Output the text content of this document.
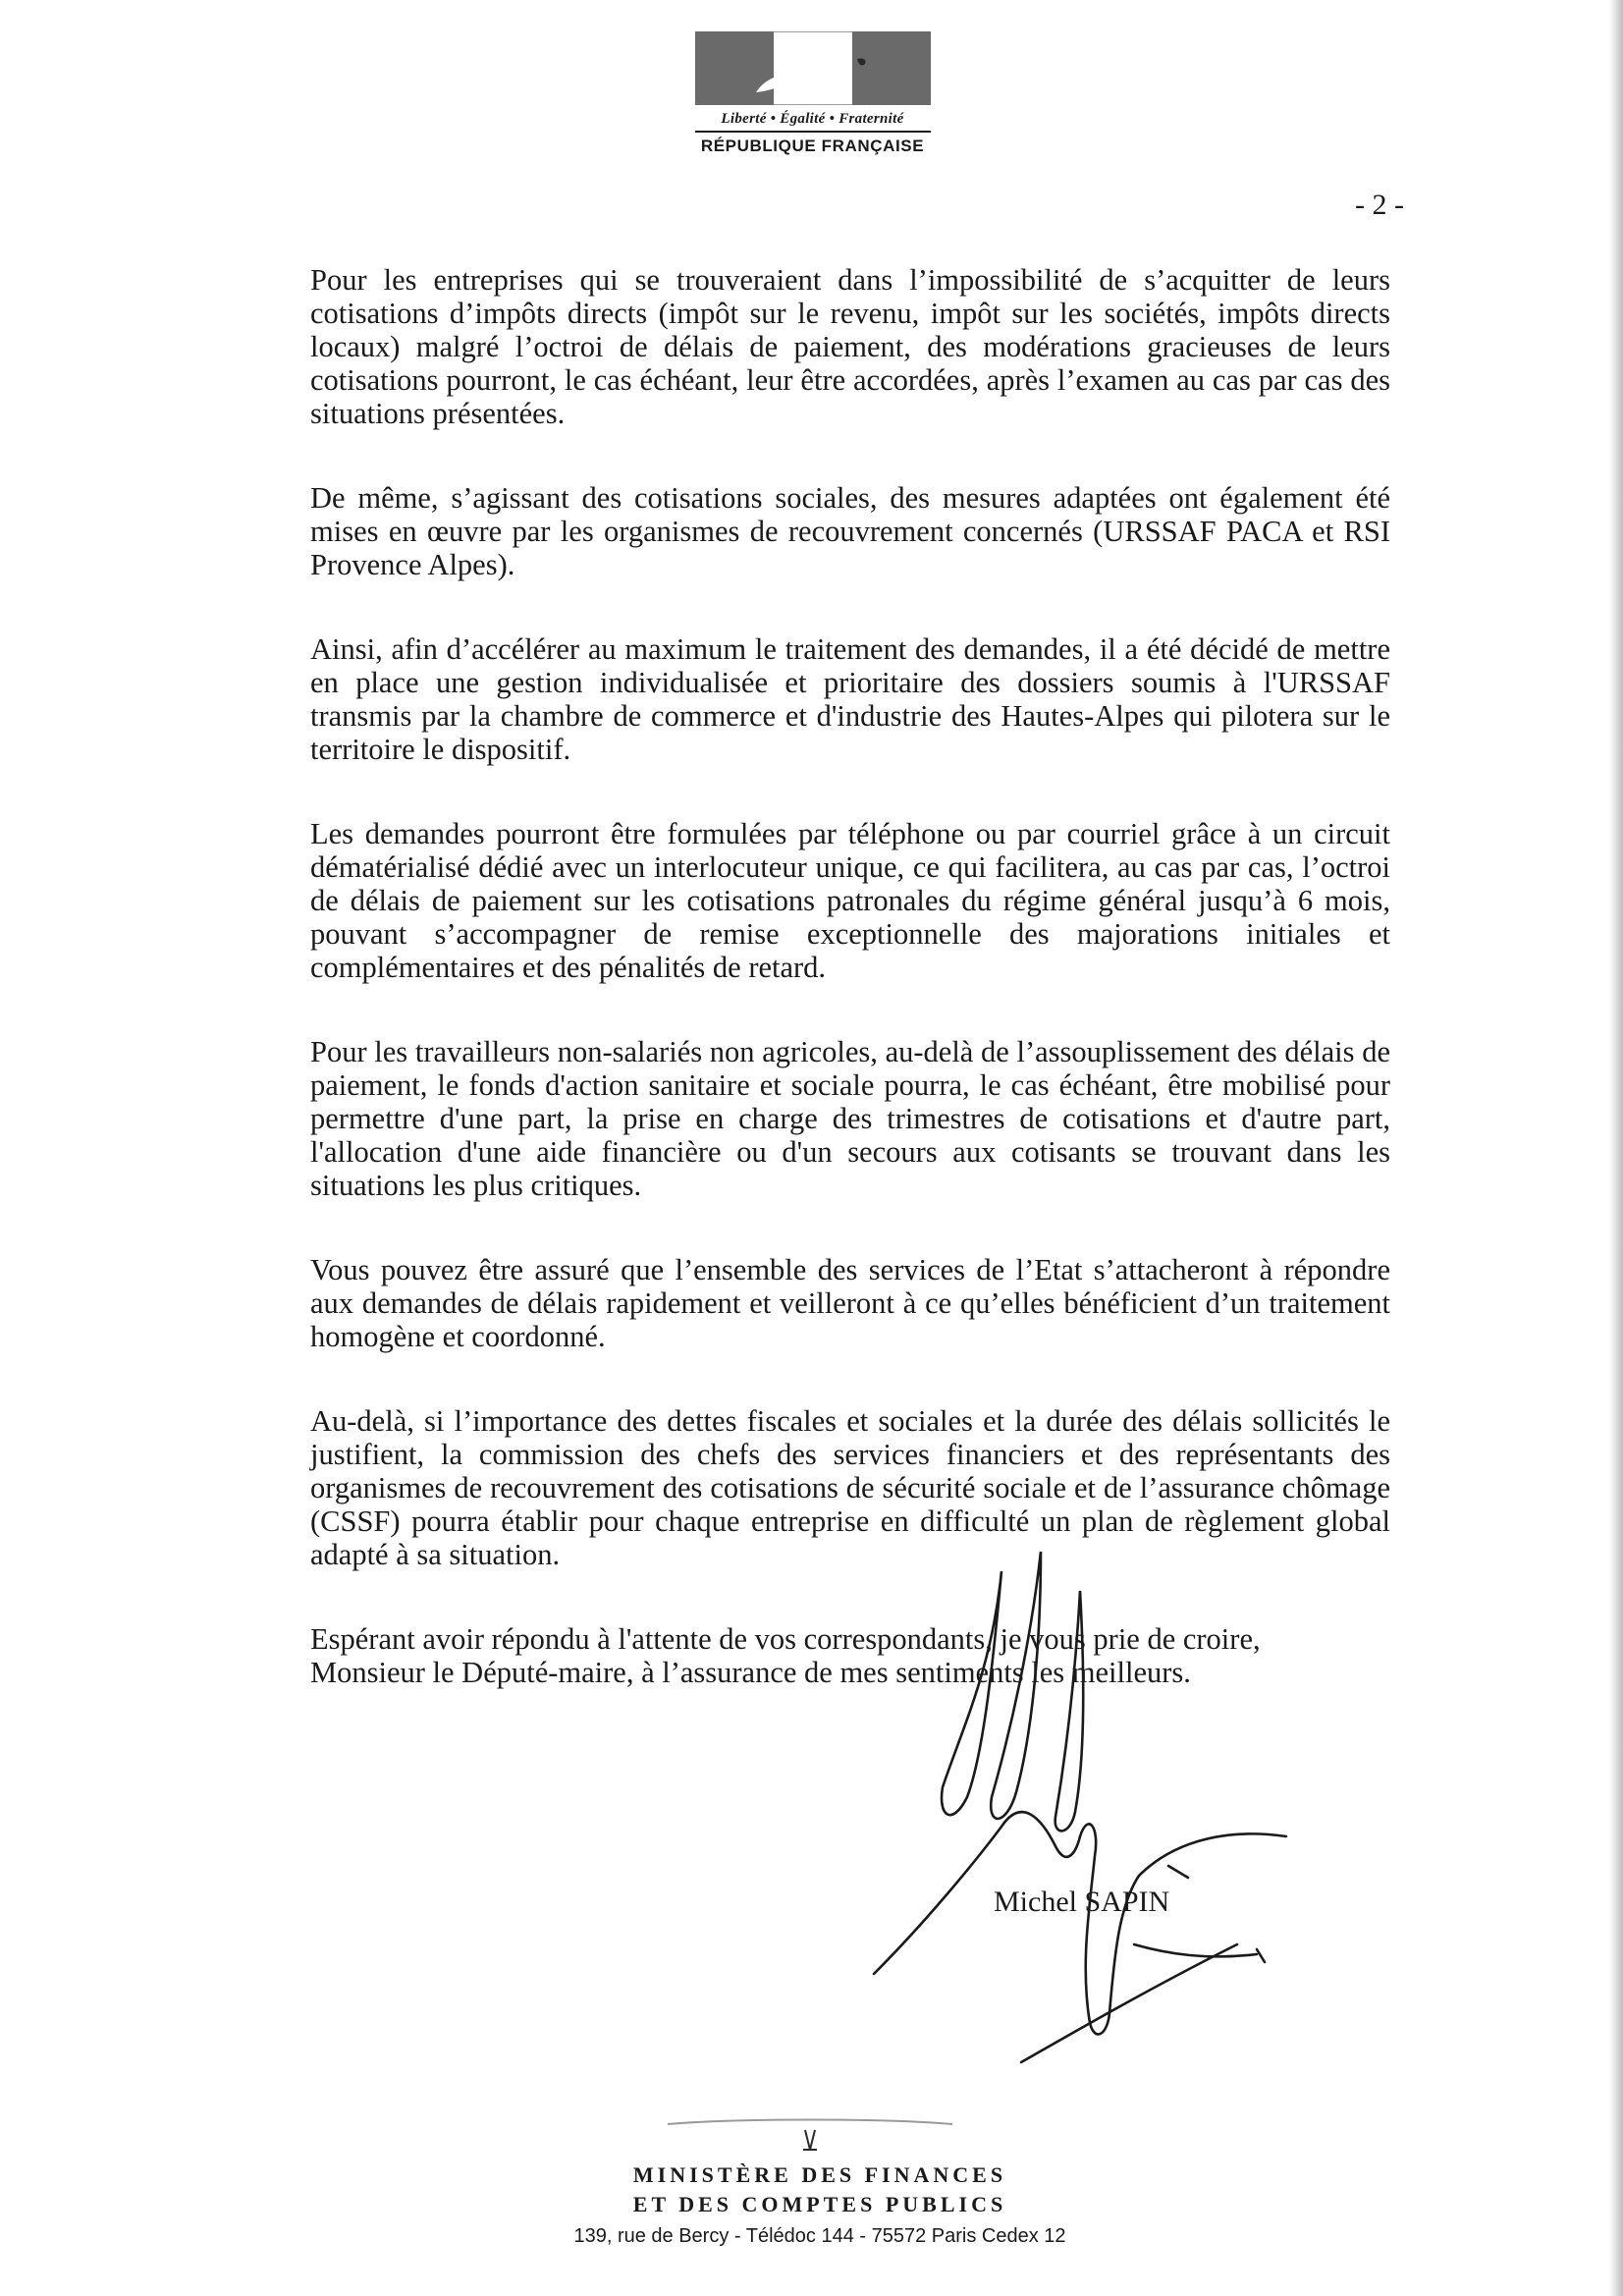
Liberté • Égalité • Fraternité
RÉPUBLIQUE FRANÇAISE
- 2 -

Pour les entreprises qui se trouveraient dans l’impossibilité de s’acquitter de leurs cotisations d’impôts directs (impôt sur le revenu, impôt sur les sociétés, impôts directs locaux) malgré l’octroi de délais de paiement, des modérations gracieuses de leurs cotisations pourront, le cas échéant, leur être accordées, après l’examen au cas par cas des situations présentées.

De même, s’agissant des cotisations sociales, des mesures adaptées ont également été mises en œuvre par les organismes de recouvrement concernés (URSSAF PACA et RSI Provence Alpes).

Ainsi, afin d’accélérer au maximum le traitement des demandes, il a été décidé de mettre en place une gestion individualisée et prioritaire des dossiers soumis à l'URSSAF transmis par la chambre de commerce et d'industrie des Hautes-Alpes qui pilotera sur le territoire le dispositif.

Les demandes pourront être formulées par téléphone ou par courriel grâce à un circuit dématérialisé dédié avec un interlocuteur unique, ce qui facilitera, au cas par cas, l’octroi de délais de paiement sur les cotisations patronales du régime général jusqu’à 6 mois, pouvant s’accompagner de remise exceptionnelle des majorations initiales et complémentaires et des pénalités de retard.

Pour les travailleurs non-salariés non agricoles, au-delà de l’assouplissement des délais de paiement, le fonds d'action sanitaire et sociale pourra, le cas échéant, être mobilisé pour permettre d'une part, la prise en charge des trimestres de cotisations et d'autre part, l'allocation d'une aide financière ou d'un secours aux cotisants se trouvant dans les situations les plus critiques.

Vous pouvez être assuré que l’ensemble des services de l’Etat s’attacheront à répondre aux demandes de délais rapidement et veilleront à ce qu’elles bénéficient d’un traitement homogène et coordonné.

Au-delà, si l’importance des dettes fiscales et sociales et la durée des délais sollicités le justifient, la commission des chefs des services financiers et des représentants des organismes de recouvrement des cotisations de sécurité sociale et de l’assurance chômage (CSSF) pourra établir pour chaque entreprise en difficulté un plan de règlement global adapté à sa situation.

Espérant avoir répondu à l'attente de vos correspondants, je vous prie de croire,
Monsieur le Député-maire, à l’assurance de mes sentiments les meilleurs.

Michel SAPIN
MINISTÈRE DES FINANCES
ET DES COMPTES PUBLICS
139, rue de Bercy - Télédoc 144 - 75572 Paris Cedex 12
